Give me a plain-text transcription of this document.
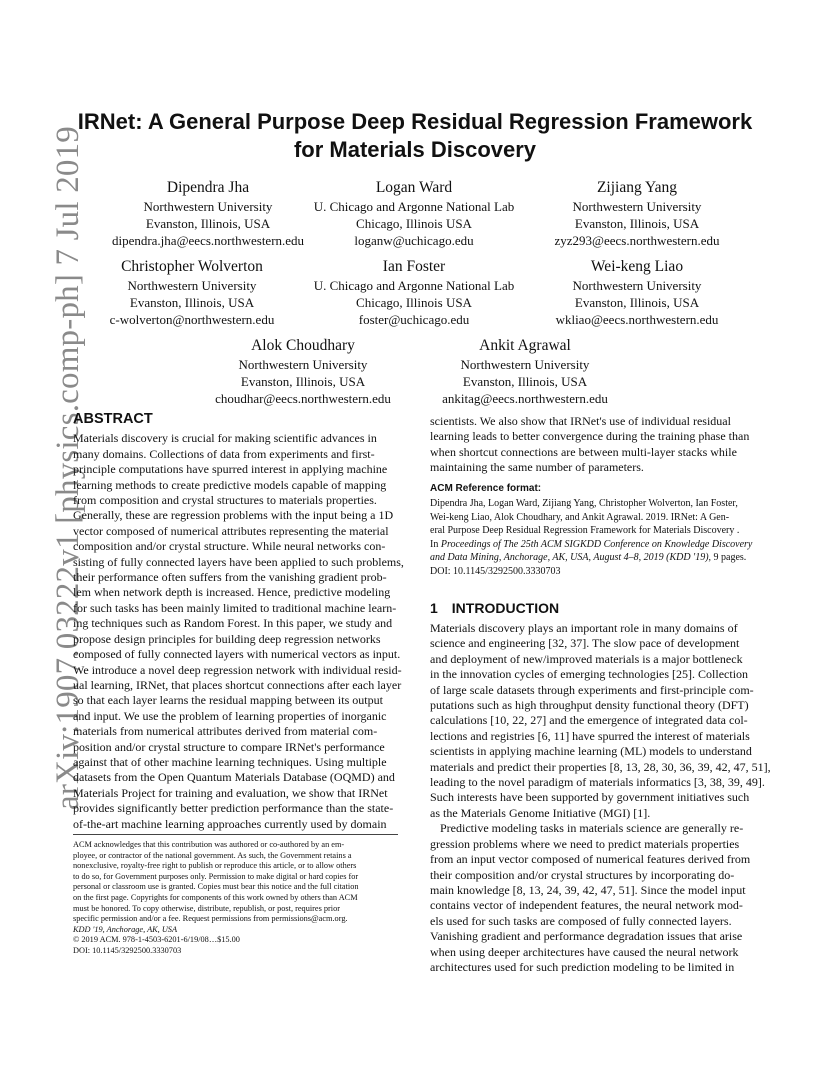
arXiv:1907.03222v1 [physics.comp-ph] 7 Jul 2019
IRNet: A General Purpose Deep Residual Regression Framework
for Materials Discovery
Dipendra Jha
Northwestern University
Evanston, Illinois, USA
dipendra.jha@eecs.northwestern.edu
Logan Ward
U. Chicago and Argonne National Lab
Chicago, Illinois USA
loganw@uchicago.edu
Zijiang Yang
Northwestern University
Evanston, Illinois, USA
zyz293@eecs.northwestern.edu
Christopher Wolverton
Northwestern University
Evanston, Illinois, USA
c-wolverton@northwestern.edu
Ian Foster
U. Chicago and Argonne National Lab
Chicago, Illinois USA
foster@uchicago.edu
Wei-keng Liao
Northwestern University
Evanston, Illinois, USA
wkliao@eecs.northwestern.edu
Alok Choudhary
Northwestern University
Evanston, Illinois, USA
choudhar@eecs.northwestern.edu
Ankit Agrawal
Northwestern University
Evanston, Illinois, USA
ankitag@eecs.northwestern.edu
ABSTRACT
Materials discovery is crucial for making scientific advances in
many domains. Collections of data from experiments and first-
principle computations have spurred interest in applying machine
learning methods to create predictive models capable of mapping
from composition and crystal structures to materials properties.
Generally, these are regression problems with the input being a 1D
vector composed of numerical attributes representing the material
composition and/or crystal structure. While neural networks con-
sisting of fully connected layers have been applied to such problems,
their performance often suffers from the vanishing gradient prob-
lem when network depth is increased. Hence, predictive modeling
for such tasks has been mainly limited to traditional machine learn-
ing techniques such as Random Forest. In this paper, we study and
propose design principles for building deep regression networks
composed of fully connected layers with numerical vectors as input.
We introduce a novel deep regression network with individual resid-
ual learning, IRNet, that places shortcut connections after each layer
so that each layer learns the residual mapping between its output
and input. We use the problem of learning properties of inorganic
materials from numerical attributes derived from material com-
position and/or crystal structure to compare IRNet's performance
against that of other machine learning techniques. Using multiple
datasets from the Open Quantum Materials Database (OQMD) and
Materials Project for training and evaluation, we show that IRNet
provides significantly better prediction performance than the state-
of-the-art machine learning approaches currently used by domain
scientists. We also show that IRNet's use of individual residual
learning leads to better convergence during the training phase than
when shortcut connections are between multi-layer stacks while
maintaining the same number of parameters.
ACM Reference format:
Dipendra Jha, Logan Ward, Zijiang Yang, Christopher Wolverton, Ian Foster,
Wei-keng Liao, Alok Choudhary, and Ankit Agrawal. 2019. IRNet: A Gen-
eral Purpose Deep Residual Regression Framework for Materials Discovery .
In Proceedings of The 25th ACM SIGKDD Conference on Knowledge Discovery
and Data Mining, Anchorage, AK, USA, August 4–8, 2019 (KDD '19), 9 pages.
DOI: 10.1145/3292500.3330703
1 INTRODUCTION
Materials discovery plays an important role in many domains of
science and engineering [32, 37]. The slow pace of development
and deployment of new/improved materials is a major bottleneck
in the innovation cycles of emerging technologies [25]. Collection
of large scale datasets through experiments and first-principle com-
putations such as high throughput density functional theory (DFT)
calculations [10, 22, 27] and the emergence of integrated data col-
lections and registries [6, 11] have spurred the interest of materials
scientists in applying machine learning (ML) models to understand
materials and predict their properties [8, 13, 28, 30, 36, 39, 42, 47, 51],
leading to the novel paradigm of materials informatics [3, 38, 39, 49].
Such interests have been supported by government initiatives such
as the Materials Genome Initiative (MGI) [1].
Predictive modeling tasks in materials science are generally re-
gression problems where we need to predict materials properties
from an input vector composed of numerical features derived from
their composition and/or crystal structures by incorporating do-
main knowledge [8, 13, 24, 39, 42, 47, 51]. Since the model input
contains vector of independent features, the neural network mod-
els used for such tasks are composed of fully connected layers.
Vanishing gradient and performance degradation issues that arise
when using deeper architectures have caused the neural network
architectures used for such prediction modeling to be limited in
ACM acknowledges that this contribution was authored or co-authored by an em-
ployee, or contractor of the national government. As such, the Government retains a
nonexclusive, royalty-free right to publish or reproduce this article, or to allow others
to do so, for Government purposes only. Permission to make digital or hard copies for
personal or classroom use is granted. Copies must bear this notice and the full citation
on the first page. Copyrights for components of this work owned by others than ACM
must be honored. To copy otherwise, distribute, republish, or post, requires prior
specific permission and/or a fee. Request permissions from permissions@acm.org.
KDD '19, Anchorage, AK, USA
© 2019 ACM. 978-1-4503-6201-6/19/08…$15.00
DOI: 10.1145/3292500.3330703
